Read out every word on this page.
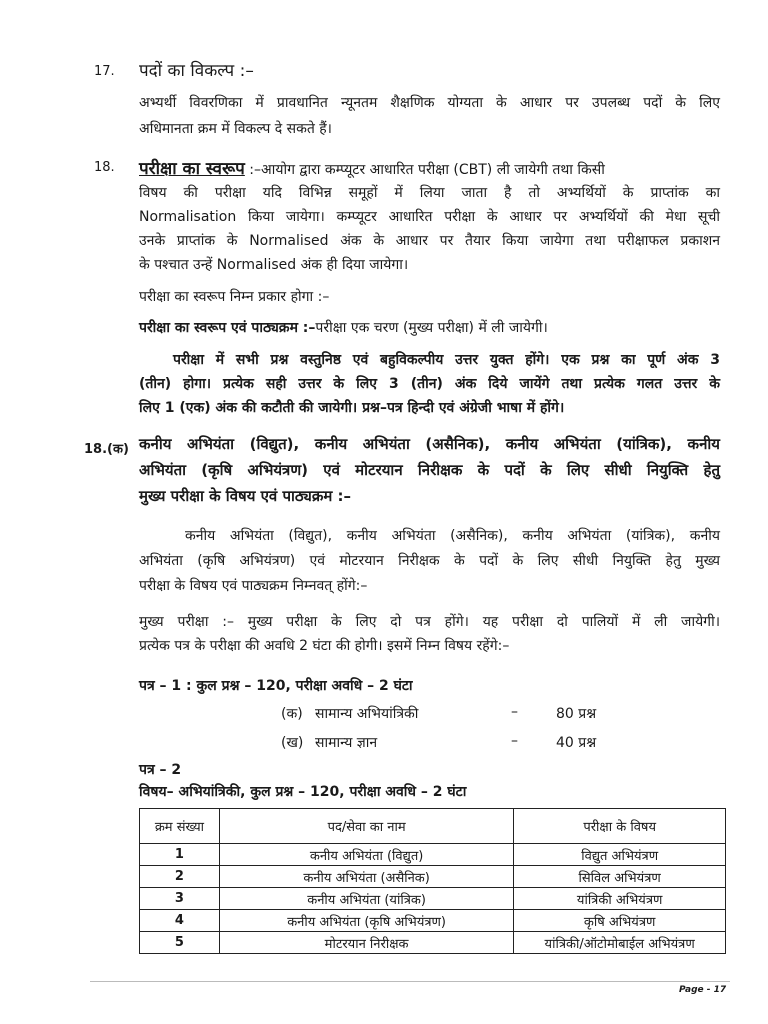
17. पदों का विकल्प :–
अभ्यर्थी विवरणिका में प्रावधानित न्यूनतम शैक्षणिक योग्यता के आधार पर उपलब्ध पदों के लिए
अधिमानता क्रम में विकल्प दे सकते हैं।
18. परीक्षा का स्वरूप :–आयोग द्वारा कम्प्यूटर आधारित परीक्षा (CBT) ली जायेगी तथा किसी
विषय की परीक्षा यदि विभिन्न समूहों में लिया जाता है तो अभ्यर्थियों के प्राप्तांक का
Normalisation किया जायेगा। कम्प्यूटर आधारित परीक्षा के आधार पर अभ्यर्थियों की मेधा सूची
उनके प्राप्तांक के Normalised अंक के आधार पर तैयार किया जायेगा तथा परीक्षाफल प्रकाशन
के पश्चात उन्हें Normalised अंक ही दिया जायेगा।
परीक्षा का स्वरूप निम्न प्रकार होगा :–
परीक्षा का स्वरूप एवं पाठ्यक्रम :–परीक्षा एक चरण (मुख्य परीक्षा) में ली जायेगी।
परीक्षा में सभी प्रश्न वस्तुनिष्ठ एवं बहुविकल्पीय उत्तर युक्त होंगे। एक प्रश्न का पूर्ण अंक 3
(तीन) होगा। प्रत्येक सही उत्तर के लिए 3 (तीन) अंक दिये जायेंगे तथा प्रत्येक गलत उत्तर के
लिए 1 (एक) अंक की कटौती की जायेगी। प्रश्न–पत्र हिन्दी एवं अंग्रेजी भाषा में होंगे।
18.(क) कनीय अभियंता (विद्युत), कनीय अभियंता (असैनिक), कनीय अभियंता (यांत्रिक), कनीय
अभियंता (कृषि अभियंत्रण) एवं मोटरयान निरीक्षक के पदों के लिए सीधी नियुक्ति हेतु
मुख्य परीक्षा के विषय एवं पाठ्यक्रम :–
कनीय अभियंता (विद्युत), कनीय अभियंता (असैनिक), कनीय अभियंता (यांत्रिक), कनीय
अभियंता (कृषि अभियंत्रण) एवं मोटरयान निरीक्षक के पदों के लिए सीधी नियुक्ति हेतु मुख्य
परीक्षा के विषय एवं पाठ्यक्रम निम्नवत् होंगे:–
मुख्य परीक्षा :– मुख्य परीक्षा के लिए दो पत्र होंगे। यह परीक्षा दो पालियों में ली जायेगी।
प्रत्येक पत्र के परीक्षा की अवधि 2 घंटा की होगी। इसमें निम्न विषय रहेंगे:–
पत्र – 1 : कुल प्रश्न – 120, परीक्षा अवधि – 2 घंटा
(क) सामान्य अभियांत्रिकी	–	80 प्रश्न
(ख) सामान्य ज्ञान	–	40 प्रश्न
पत्र – 2
विषय– अभियांत्रिकी, कुल प्रश्न – 120, परीक्षा अवधि – 2 घंटा
क्रम संख्या	पद/सेवा का नाम	परीक्षा के विषय
1	कनीय अभियंता (विद्युत)	विद्युत अभियंत्रण
2	कनीय अभियंता (असैनिक)	सिविल अभियंत्रण
3	कनीय अभियंता (यांत्रिक)	यांत्रिकी अभियंत्रण
4	कनीय अभियंता (कृषि अभियंत्रण)	कृषि अभियंत्रण
5	मोटरयान निरीक्षक	यांत्रिकी/ऑटोमोबाईल अभियंत्रण
Page - 17
